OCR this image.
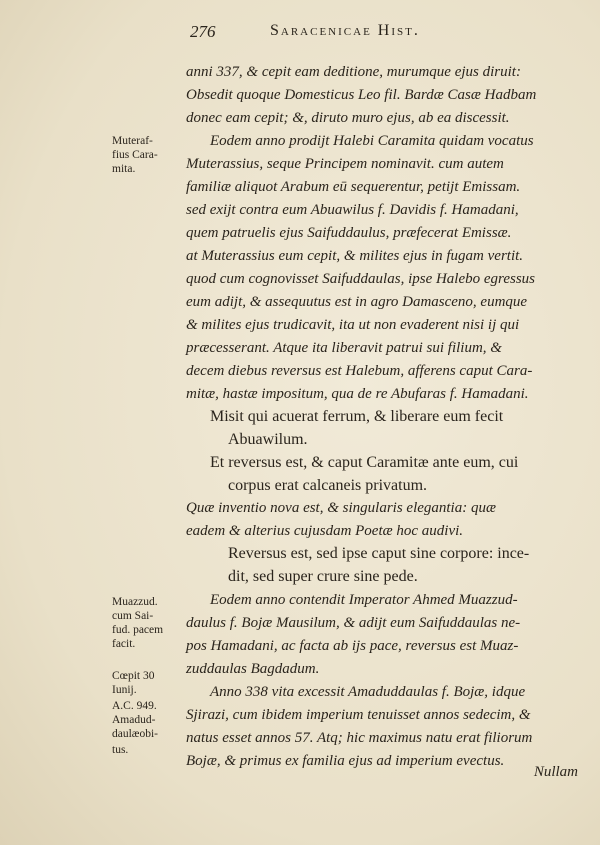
276	Saracenicae Hist.
Muteraf-
fius Cara-
mita.
Muazzud.
cum Sai-
fud. pacem
facit.
Cœpit 30
Iunij.
A.C. 949.
Amadud-
daulæobi-
tus.
anni 337, & cepit eam deditione, murumque ejus diruit:
Obsedit quoque Domesticus Leo fil. Bardæ Casæ Hadbam
donec eam cepit; &, diruto muro ejus, ab ea discessit.
Eodem anno prodijt Halebi Caramita quidam vocatus
Muterassius, seque Principem nominavit. cum autem
familiæ aliquot Arabum eū sequerentur, petijt Emissam.
sed exijt contra eum Abuawilus f. Davidis f. Hamadani,
quem patruelis ejus Saifuddaulus, præfecerat Emissæ.
at Muterassius eum cepit, & milites ejus in fugam vertit.
quod cum cognovisset Saifuddaulas, ipse Halebo egressus
eum adijt, & assequutus est in agro Damasceno, eumque
& milites ejus trudicavit, ita ut non evaderent nisi ij qui
præcesserant. Atque ita liberavit patrui sui filium, &
decem diebus reversus est Halebum, afferens caput Cara-
mitæ, hastæ impositum, qua de re Abufaras f. Hamadani.
Misit qui acuerat ferrum, & liberare eum fecit
Abuawilum.
Et reversus est, & caput Caramitæ ante eum, cui
corpus erat calcaneis privatum.
Quæ inventio nova est, & singularis elegantia: quæ
eadem & alterius cujusdam Poetæ hoc audivi.
Reversus est, sed ipse caput sine corpore: ince-
dit, sed super crure sine pede.
Eodem anno contendit Imperator Ahmed Muazzud-
daulus f. Bojæ Mausilum, & adijt eum Saifuddaulas ne-
pos Hamadani, ac facta ab ijs pace, reversus est Muaz-
zuddaulas Bagdadum.
Anno 338 vita excessit Amaduddaulas f. Bojæ, idque
Sjirazi, cum ibidem imperium tenuisset annos sedecim, &
natus esset annos 57. Atq; hic maximus natu erat filiorum
Bojæ, & primus ex familia ejus ad imperium evectus.
Nullam
